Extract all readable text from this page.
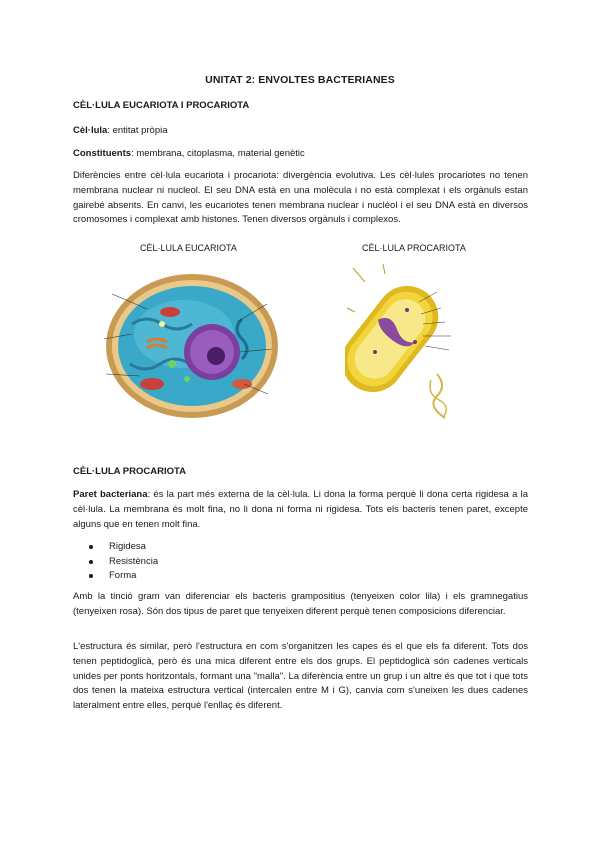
UNITAT 2: ENVOLTES BACTERIANES
CÈL·LULA EUCARIOTA I PROCARIOTA
Cèl·lula: entitat pròpia
Constituents: membrana, citoplasma, material genètic

Diferències entre cèl·lula eucariota i procariota: divergència evolutiva. Les cèl·lules procariotes no tenen membrana nuclear ni nucleol. El seu DNA està en una molècula i no està complexat i els orgànuls estan gairebé absents. En canvi, les eucariotes tenen membrana nuclear i nuclèol i el seu DNA està en diversos cromosomes i complexat amb histones. Tenen diversos orgànuls i complexos.

CÈL·LULA EUCARIOTA	CÈL·LULA PROCARIOTA
CÈL·LULA PROCARIOTA

Paret bacteriana: és la part més externa de la cèl·lula. Li dona la forma perquè li dona certa rigidesa a la cèl·lula. La membrana és molt fina, no li dona ni forma ni rigidesa. Tots els bacteris tenen paret, excepte alguns que en tenen molt fina.

Rigidesa
Resistència
Forma

Amb la tinció gram van diferenciar els bacteris grampositius (tenyeixen color lila) i els gramnegatius (tenyeixen rosa). Són dos tipus de paret que tenyeixen diferent perquè tenen composicions diferenciar.

L'estructura és similar, però l'estructura en com s'organitzen les capes és el que els fa diferent. Tots dos tenen peptidoglicà, però és una mica diferent entre els dos grups. El peptidoglicà són cadenes verticals unides per ponts horitzontals, formant una "malla". La diferència entre un grup i un altre és que tot i que tots dos tenen la mateixa estructura vertical (intercalen entre M i G), canvia com s'uneixen les dues cadenes lateralment entre elles, perquè l'enllaç és diferent.
